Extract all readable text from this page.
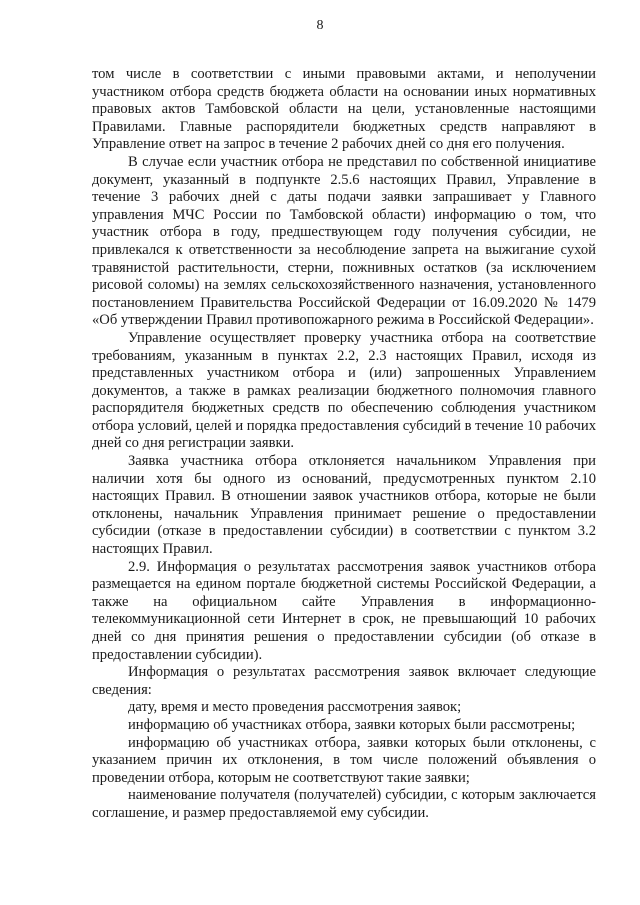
8

том числе в соответствии с иными правовыми актами, и неполучении участником отбора средств бюджета области на основании иных нормативных правовых актов Тамбовской области на цели, установленные настоящими Правилами. Главные распорядители бюджетных средств направляют в Управление ответ на запрос в течение 2 рабочих дней со дня его получения.

В случае если участник отбора не представил по собственной инициативе документ, указанный в подпункте 2.5.6 настоящих Правил, Управление в течение 3 рабочих дней с даты подачи заявки запрашивает у Главного управления МЧС России по Тамбовской области) информацию о том, что участник отбора в году, предшествующем году получения субсидии, не привлекался к ответственности за несоблюдение запрета на выжигание сухой травянистой растительности, стерни, пожнивных остатков (за исключением рисовой соломы) на землях сельскохозяйственного назначения, установленного постановлением Правительства Российской Федерации от 16.09.2020 № 1479 «Об утверждении Правил противопожарного режима в Российской Федерации».

Управление осуществляет проверку участника отбора на соответствие требованиям, указанным в пунктах 2.2, 2.3 настоящих Правил, исходя из представленных участником отбора и (или) запрошенных Управлением документов, а также в рамках реализации бюджетного полномочия главного распорядителя бюджетных средств по обеспечению соблюдения участником отбора условий, целей и порядка предоставления субсидий в течение 10 рабочих дней со дня регистрации заявки.

Заявка участника отбора отклоняется начальником Управления при наличии хотя бы одного из оснований, предусмотренных пунктом 2.10 настоящих Правил. В отношении заявок участников отбора, которые не были отклонены, начальник Управления принимает решение о предоставлении субсидии (отказе в предоставлении субсидии) в соответствии с пунктом 3.2 настоящих Правил.

2.9. Информация о результатах рассмотрения заявок участников отбора размещается на едином портале бюджетной системы Российской Федерации, а также на официальном сайте Управления в информационно-телекоммуникационной сети Интернет в срок, не превышающий 10 рабочих дней со дня принятия решения о предоставлении субсидии (об отказе в предоставлении субсидии).

Информация о результатах рассмотрения заявок включает следующие сведения:

дату, время и место проведения рассмотрения заявок;

информацию об участниках отбора, заявки которых были рассмотрены;

информацию об участниках отбора, заявки которых были отклонены, с указанием причин их отклонения, в том числе положений объявления о проведении отбора, которым не соответствуют такие заявки;

наименование получателя (получателей) субсидии, с которым заключается соглашение, и размер предоставляемой ему субсидии.
